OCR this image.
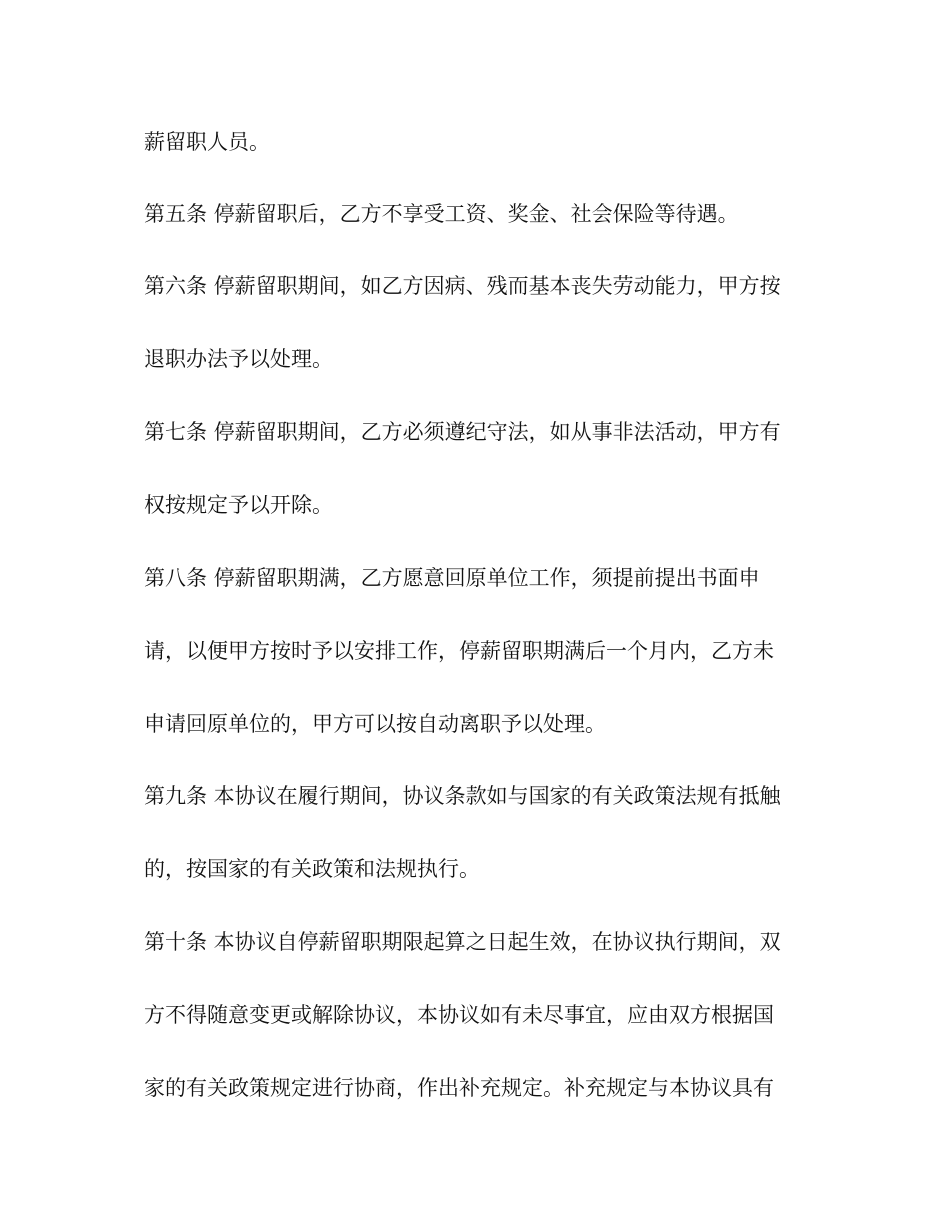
薪留职人员。
第五条 停薪留职后，乙方不享受工资、奖金、社会保险等待遇。
第六条 停薪留职期间，如乙方因病、残而基本丧失劳动能力，甲方按
退职办法予以处理。
第七条 停薪留职期间，乙方必须遵纪守法，如从事非法活动，甲方有
权按规定予以开除。
第八条 停薪留职期满，乙方愿意回原单位工作，须提前提出书面申
请，以便甲方按时予以安排工作，停薪留职期满后一个月内，乙方未
申请回原单位的，甲方可以按自动离职予以处理。
第九条 本协议在履行期间，协议条款如与国家的有关政策法规有抵触
的，按国家的有关政策和法规执行。
第十条 本协议自停薪留职期限起算之日起生效，在协议执行期间，双
方不得随意变更或解除协议，本协议如有未尽事宜，应由双方根据国
家的有关政策规定进行协商，作出补充规定。补充规定与本协议具有
